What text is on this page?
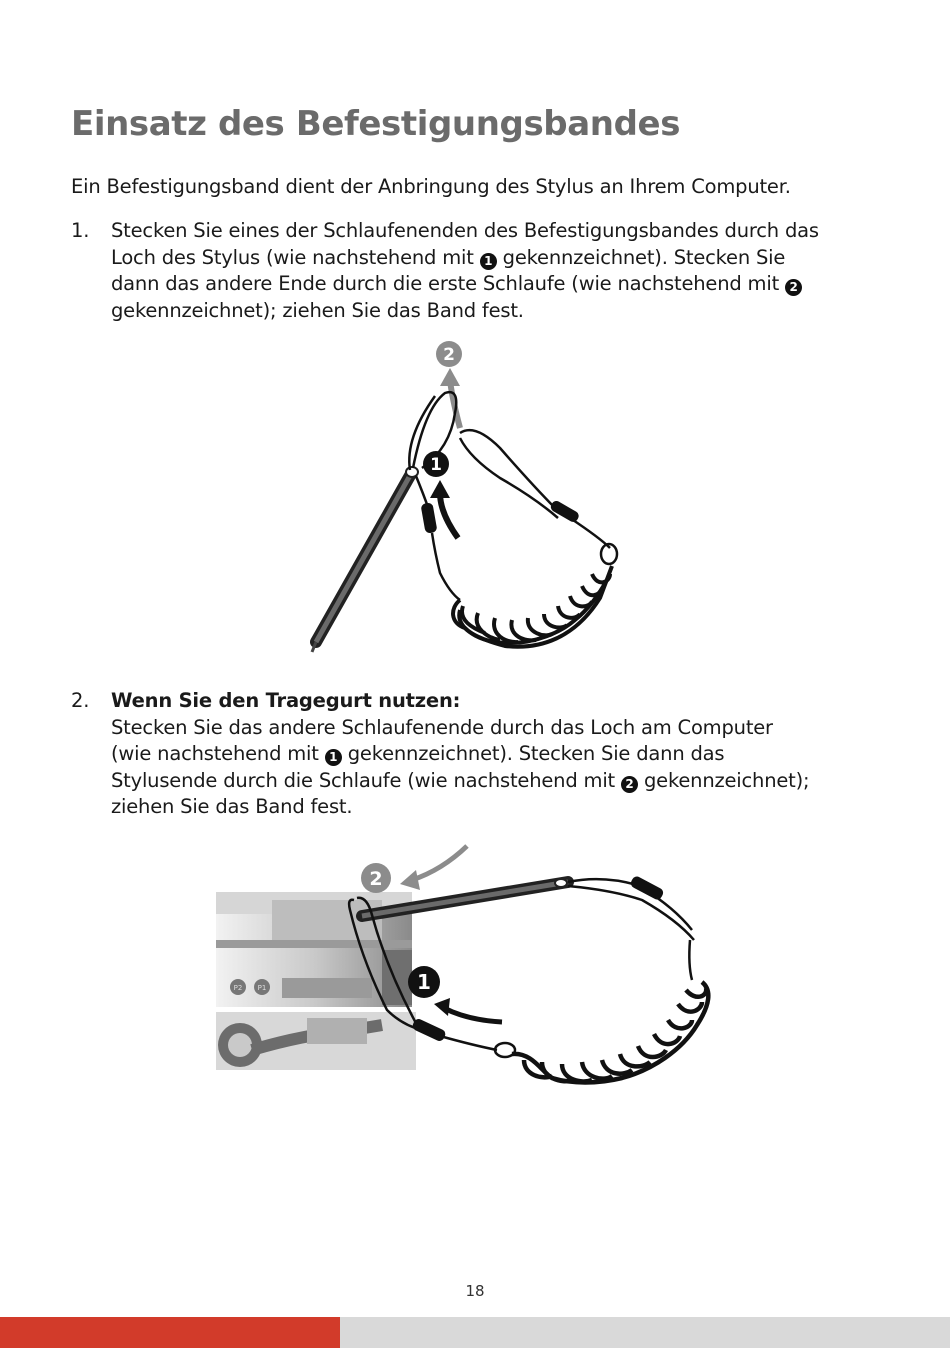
Einsatz des Befestigungsbandes

Ein Befestigungsband dient der Anbringung des Stylus an Ihrem Computer.

1. Stecken Sie eines der Schlaufenenden des Befestigungsbandes durch das
Loch des Stylus (wie nachstehend mit 1 gekennzeichnet). Stecken Sie
dann das andere Ende durch die erste Schlaufe (wie nachstehend mit 2
gekennzeichnet); ziehen Sie das Band fest.
2
1
2. Wenn Sie den Tragegurt nutzen:
Stecken Sie das andere Schlaufenende durch das Loch am Computer
(wie nachstehend mit 1 gekennzeichnet). Stecken Sie dann das
Stylusende durch die Schlaufe (wie nachstehend mit 2 gekennzeichnet);
ziehen Sie das Band fest.
P2 P1
2
1
18
